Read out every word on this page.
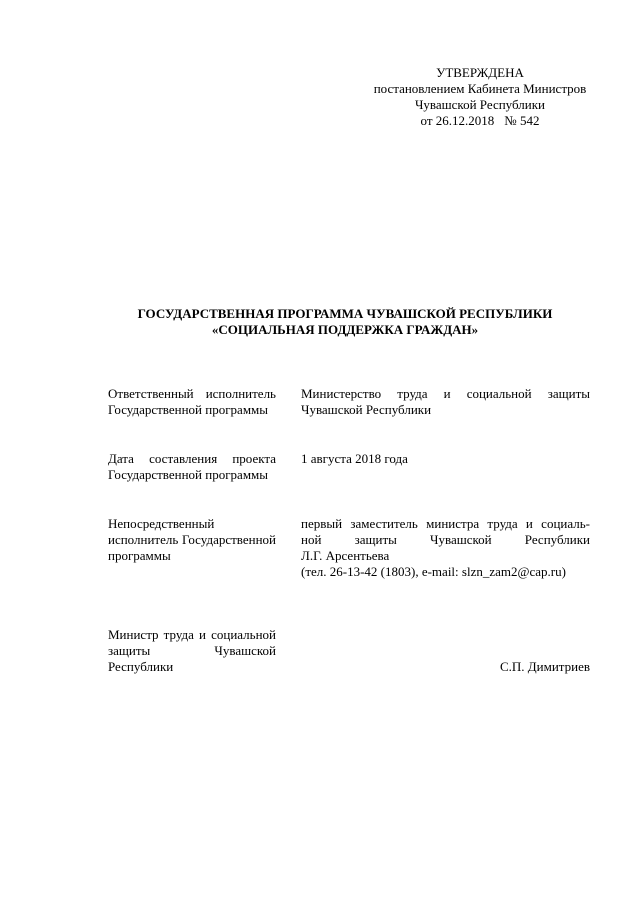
УТВЕРЖДЕНА
постановлением Кабинета Министров
Чувашской Республики
от 26.12.2018 № 542
ГОСУДАРСТВЕННАЯ ПРОГРАММА ЧУВАШСКОЙ РЕСПУБЛИКИ
«СОЦИАЛЬНАЯ ПОДДЕРЖКА ГРАЖДАН»
Ответственный исполнитель Государственной программы
Министерство труда и социальной защиты Чувашской Республики
Дата составления проекта Государственной программы
1 августа 2018 года
Непосредственный исполнитель Государственной программы
первый заместитель министра труда и социаль-
ной защиты Чувашской Республики
Л.Г. Арсентьева
(тел. 26-13-42 (1803), e-mail: slzn_zam2@cap.ru)
Министр труда и социальной защиты Чувашской Республики	С.П. Димитриев
